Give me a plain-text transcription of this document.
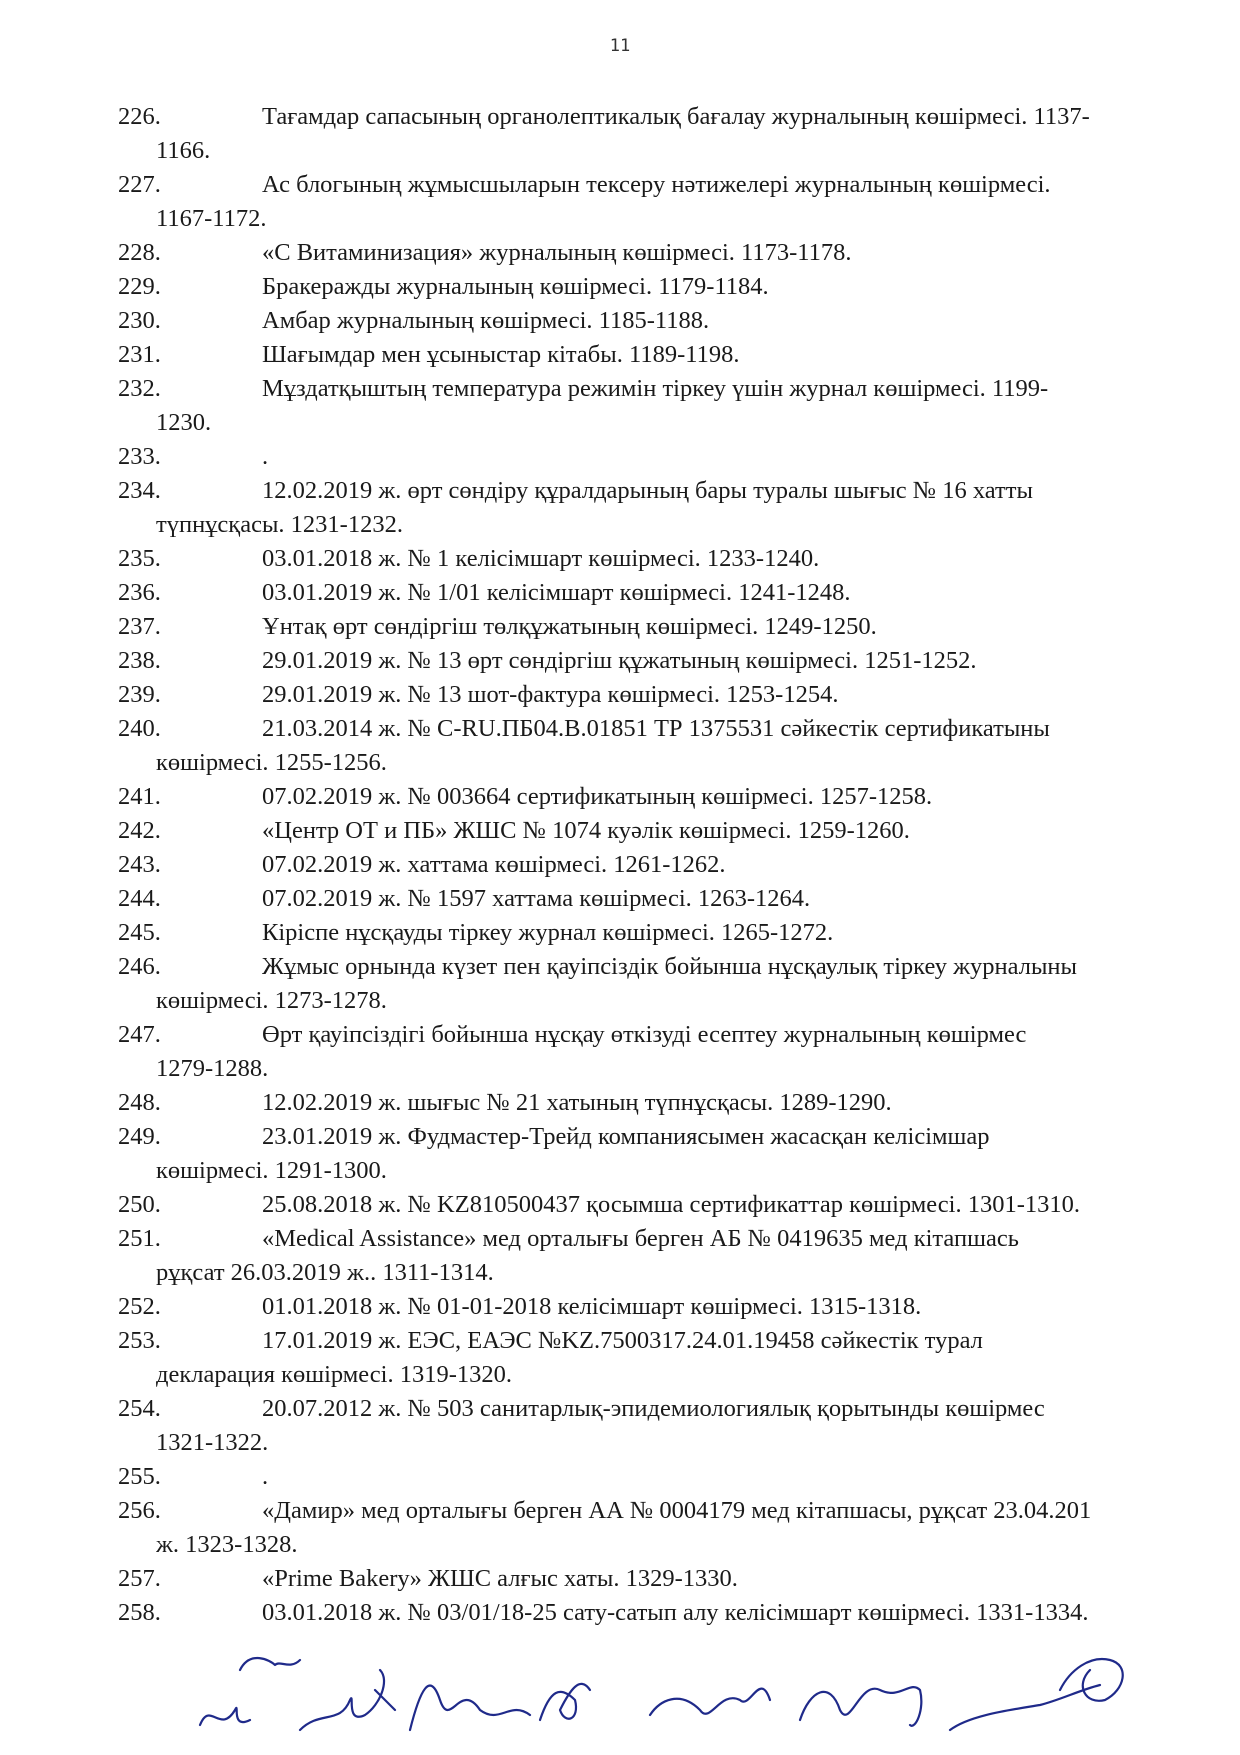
11
226.	Тағамдар сапасының органолептикалық бағалау журналының көшірмесі. 1137-
1166.
227.	Ас блогының жұмысшыларын тексеру нәтижелері журналының көшірмесі.
1167-1172.
228.	«С Витаминизация» журналының көшірмесі. 1173-1178.
229.	Бракеражды журналының көшірмесі. 1179-1184.
230.	Амбар журналының көшірмесі. 1185-1188.
231.	Шағымдар мен ұсыныстар кітабы. 1189-1198.
232.	Мұздатқыштың температура режимін тіркеу үшін журнал көшірмесі. 1199-
1230.
233.	.
234.	12.02.2019 ж. өрт сөндіру құралдарының бары туралы шығыс № 16 хатты
түпнұсқасы. 1231-1232.
235.	03.01.2018 ж. № 1 келісімшарт көшірмесі. 1233-1240.
236.	03.01.2019 ж. № 1/01 келісімшарт көшірмесі. 1241-1248.
237.	Ұнтақ өрт сөндіргіш төлқұжатының көшірмесі. 1249-1250.
238.	29.01.2019 ж. № 13 өрт сөндіргіш құжатының көшірмесі. 1251-1252.
239.	29.01.2019 ж. № 13 шот-фактура көшірмесі. 1253-1254.
240.	21.03.2014 ж. № C-RU.ПБ04.В.01851 ТР 1375531 сәйкестік сертификатыны
көшірмесі. 1255-1256.
241.	07.02.2019 ж. № 003664 сертификатының көшірмесі. 1257-1258.
242.	«Центр ОТ и ПБ» ЖШС № 1074 куәлік көшірмесі. 1259-1260.
243.	07.02.2019 ж. хаттама көшірмесі. 1261-1262.
244.	07.02.2019 ж. № 1597 хаттама көшірмесі. 1263-1264.
245.	Кіріспе нұсқауды тіркеу журнал көшірмесі. 1265-1272.
246.	Жұмыс орнында күзет пен қауіпсіздік бойынша нұсқаулық тіркеу журналыны
көшірмесі. 1273-1278.
247.	Өрт қауіпсіздігі бойынша нұсқау өткізуді есептеу журналының көшірмес
1279-1288.
248.	12.02.2019 ж. шығыс № 21 хатының түпнұсқасы. 1289-1290.
249.	23.01.2019 ж. Фудмастер-Трейд компаниясымен жасасқан келісімшар
көшірмесі. 1291-1300.
250.	25.08.2018 ж. № KZ810500437 қосымша сертификаттар көшірмесі. 1301-1310.
251.	«Medical Assistance» мед орталығы берген АБ № 0419635 мед кітапшась
рұқсат 26.03.2019 ж.. 1311-1314.
252.	01.01.2018 ж. № 01-01-2018 келісімшарт көшірмесі. 1315-1318.
253.	17.01.2019 ж. ЕЭС, ЕАЭС №KZ.7500317.24.01.19458 сәйкестік турал
декларация көшірмесі. 1319-1320.
254.	20.07.2012 ж. № 503 санитарлық-эпидемиологиялық қорытынды көшірмес
1321-1322.
255.	.
256.	«Дамир» мед орталығы берген АА № 0004179 мед кітапшасы, рұқсат 23.04.201
ж. 1323-1328.
257.	«Prime Bakery» ЖШС алғыс хаты. 1329-1330.
258.	03.01.2018 ж. № 03/01/18-25 сату-сатып алу келісімшарт көшірмесі. 1331-1334.
